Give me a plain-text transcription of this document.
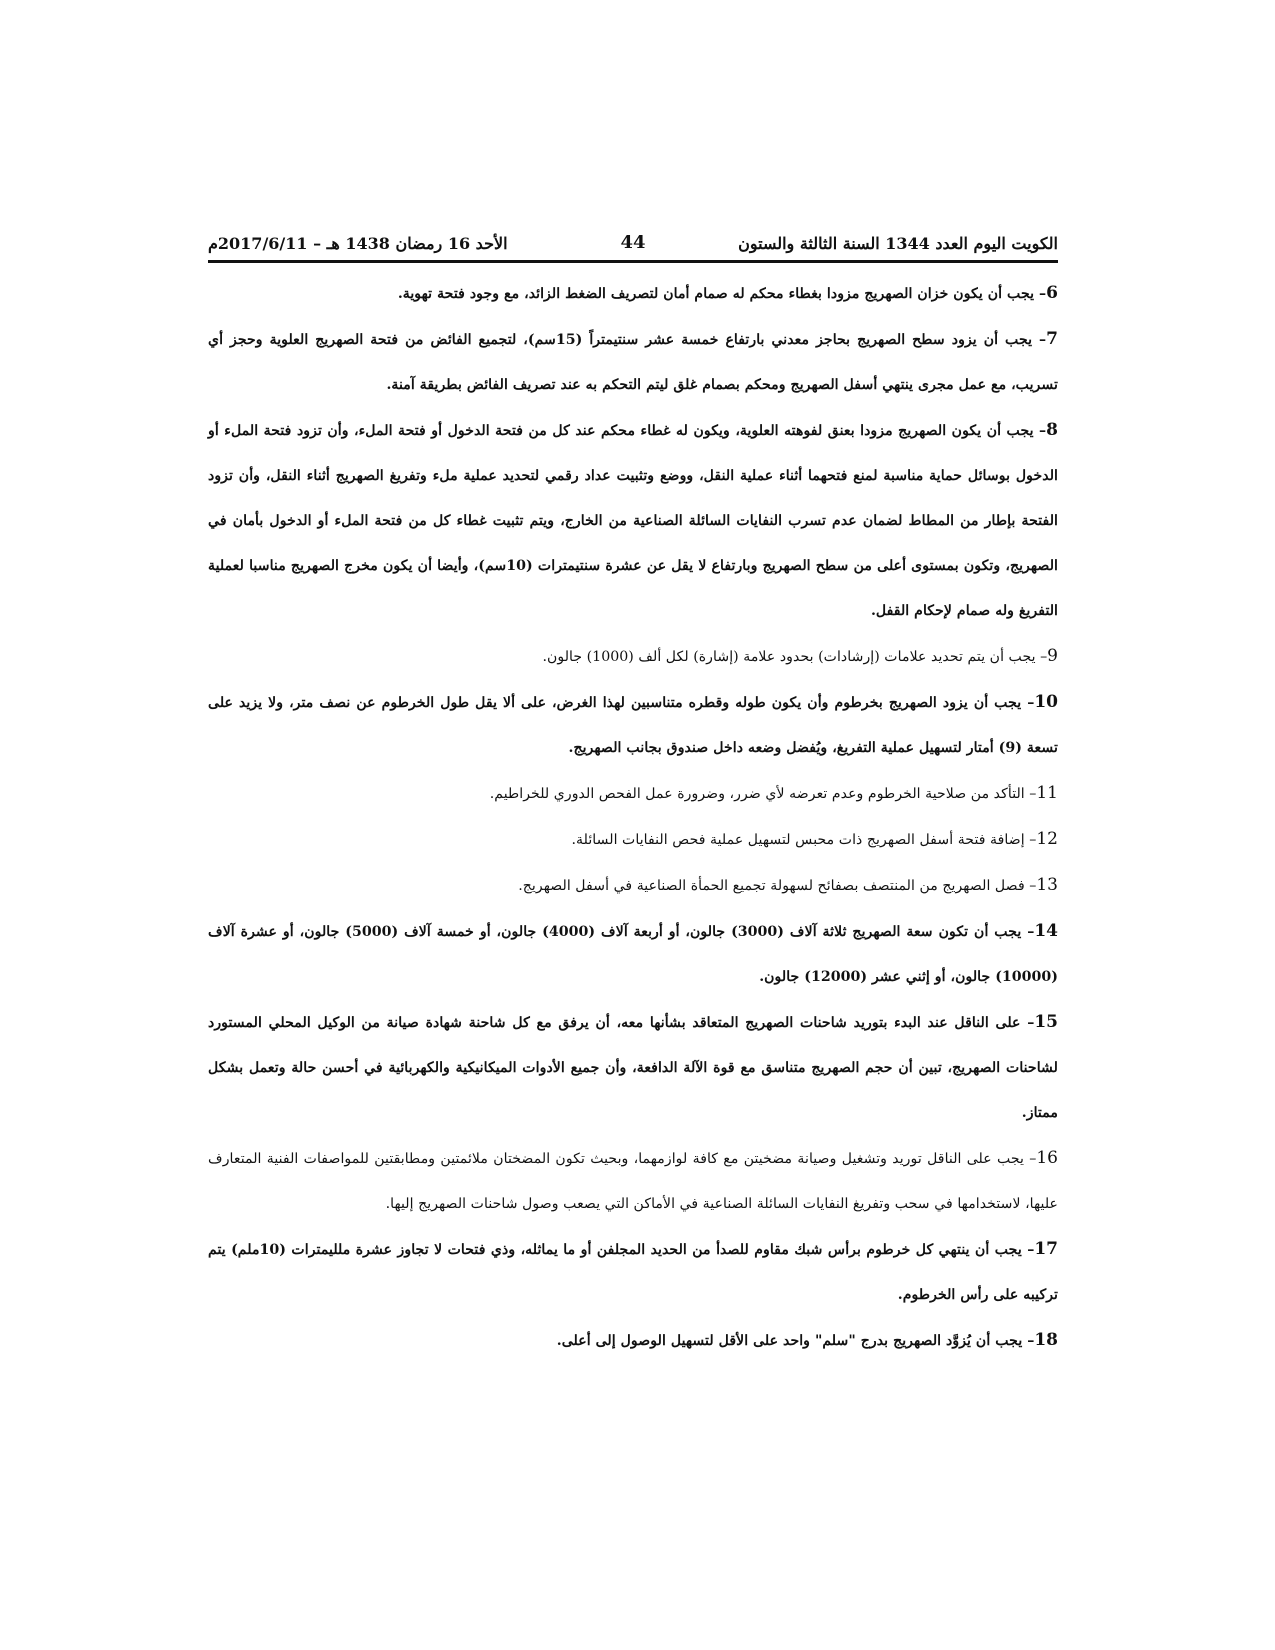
الكويت اليوم العدد 1344 السنة الثالثة والستون
44
الأحد 16 رمضان 1438 هـ – 2017/6/11م

6– يجب أن يكون خزان الصهريج مزودا بغطاء محكم له صمام أمان لتصريف الضغط الزائد، مع وجود فتحة تهوية.

7– يجب أن يزود سطح الصهريج بحاجز معدني بارتفاع خمسة عشر سنتيمتراً (15سم)، لتجميع الفائض من فتحة الصهريج العلوية وحجز أي تسريب، مع عمل مجرى ينتهي أسفل الصهريج ومحكم بصمام غلق ليتم التحكم به عند تصريف الفائض بطريقة آمنة.

8– يجب أن يكون الصهريج مزودا بعنق لفوهته العلوية، ويكون له غطاء محكم عند كل من فتحة الدخول أو فتحة الملء، وأن تزود فتحة الملء أو الدخول بوسائل حماية مناسبة لمنع فتحهما أثناء عملية النقل، ووضع وتثبيت عداد رقمي لتحديد عملية ملء وتفريغ الصهريج أثناء النقل، وأن تزود الفتحة بإطار من المطاط لضمان عدم تسرب النفايات السائلة الصناعية من الخارج، ويتم تثبيت غطاء كل من فتحة الملء أو الدخول بأمان في الصهريج، وتكون بمستوى أعلى من سطح الصهريج وبارتفاع لا يقل عن عشرة سنتيمترات (10سم)، وأيضا أن يكون مخرج الصهريج مناسبا لعملية التفريغ وله صمام لإحكام القفل.

9– يجب أن يتم تحديد علامات (إرشادات) بحدود علامة (إشارة) لكل ألف (1000) جالون.

10– يجب أن يزود الصهريج بخرطوم وأن يكون طوله وقطره متناسبين لهذا الغرض، على ألا يقل طول الخرطوم عن نصف متر، ولا يزيد على تسعة (9) أمتار لتسهيل عملية التفريغ، ويُفضل وضعه داخل صندوق بجانب الصهريج.

11– التأكد من صلاحية الخرطوم وعدم تعرضه لأي ضرر، وضرورة عمل الفحص الدوري للخراطيم.

12– إضافة فتحة أسفل الصهريج ذات محبس لتسهيل عملية فحص النفايات السائلة.

13– فصل الصهريج من المنتصف بصفائح لسهولة تجميع الحمأة الصناعية في أسفل الصهريج.

14– يجب أن تكون سعة الصهريج ثلاثة آلاف (3000) جالون، أو أربعة آلاف (4000) جالون، أو خمسة آلاف (5000) جالون، أو عشرة آلاف (10000) جالون، أو إثني عشر (12000) جالون.

15– على الناقل عند البدء بتوريد شاحنات الصهريج المتعاقد بشأنها معه، أن يرفق مع كل شاحنة شهادة صيانة من الوكيل المحلي المستورد لشاحنات الصهريج، تبين أن حجم الصهريج متناسق مع قوة الآلة الدافعة، وأن جميع الأدوات الميكانيكية والكهربائية في أحسن حالة وتعمل بشكل ممتاز.

16– يجب على الناقل توريد وتشغيل وصيانة مضخيتن مع كافة لوازمهما، وبحيث تكون المضختان ملائمتين ومطابقتين للمواصفات الفنية المتعارف عليها، لاستخدامها في سحب وتفريغ النفايات السائلة الصناعية في الأماكن التي يصعب وصول شاحنات الصهريج إليها.

17– يجب أن ينتهي كل خرطوم برأس شبك مقاوم للصدأ من الحديد المجلفن أو ما يماثله، وذي فتحات لا تجاوز عشرة ملليمترات (10ملم) يتم تركيبه على رأس الخرطوم.

18– يجب أن يُزوَّد الصهريج بدرج "سلم" واحد على الأقل لتسهيل الوصول إلى أعلى.
